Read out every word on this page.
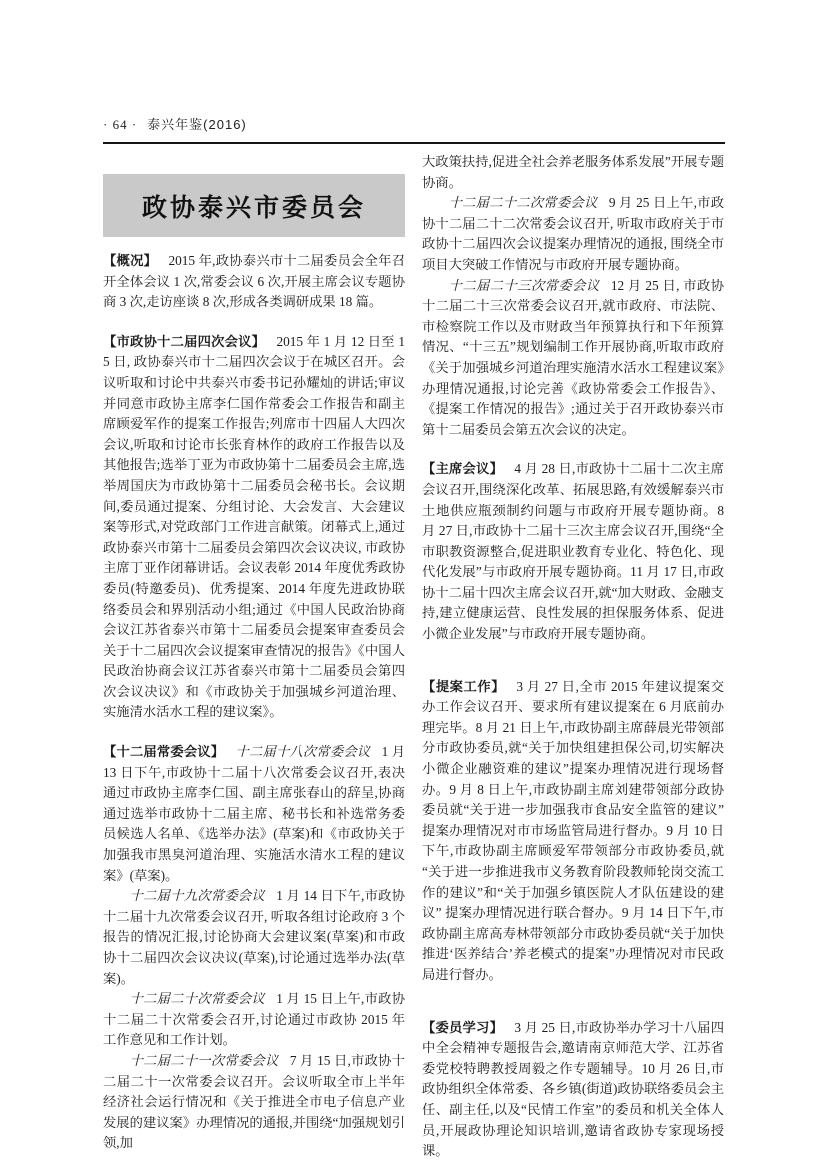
· 64 · 泰兴年鉴(2016)
政协泰兴市委员会

【概况】 2015 年,政协泰兴市十二届委员会全年召开全体会议 1 次,常委会议 6 次,开展主席会议专题协商 3 次,走访座谈 8 次,形成各类调研成果 18 篇。

【市政协十二届四次会议】 2015 年 1 月 12 日至 15 日, 政协泰兴市十二届四次会议于在城区召开。会议听取和讨论中共泰兴市委书记孙耀灿的讲话;审议并同意市政协主席李仁国作常委会工作报告和副主席顾爱军作的提案工作报告;列席市十四届人大四次会议,听取和讨论市长张育林作的政府工作报告以及其他报告;选举丁亚为市政协第十二届委员会主席,选举周国庆为市政协第十二届委员会秘书长。会议期间,委员通过提案、分组讨论、大会发言、大会建议案等形式,对党政部门工作进言献策。闭幕式上,通过政协泰兴市第十二届委员会第四次会议决议, 市政协主席丁亚作闭幕讲话。会议表彰 2014 年度优秀政协委员(特邀委员)、优秀提案、2014 年度先进政协联络委员会和界别活动小组;通过《中国人民政治协商会议江苏省泰兴市第十二届委员会提案审查委员会关于十二届四次会议提案审查情况的报告》《中国人民政治协商会议江苏省泰兴市第十二届委员会第四次会议决议》和《市政协关于加强城乡河道治理、实施清水活水工程的建议案》。

【十二届常委会议】 十二届十八次常委会议 1 月 13 日下午,市政协十二届十八次常委会议召开,表决通过市政协主席李仁国、副主席张春山的辞呈,协商通过选举市政协十二届主席、秘书长和补选常务委员候选人名单、《选举办法》(草案)和《市政协关于加强我市黑臭河道治理、实施活水清水工程的建议案》(草案)。

十二届十九次常委会议 1 月 14 日下午,市政协十二届十九次常委会议召开, 听取各组讨论政府 3 个报告的情况汇报,讨论协商大会建议案(草案)和市政协十二届四次会议决议(草案),讨论通过选举办法(草案)。

十二届二十次常委会议 1 月 15 日上午,市政协十二届二十次常委会召开,讨论通过市政协 2015 年工作意见和工作计划。

十二届二十一次常委会议 7 月 15 日,市政协十二届二十一次常委会议召开。会议听取全市上半年经济社会运行情况和《关于推进全市电子信息产业发展的建议案》办理情况的通报,并围绕“加强规划引领,加

大政策扶持,促进全社会养老服务体系发展”开展专题协商。

十二届二十二次常委会议 9 月 25 日上午,市政协十二届二十二次常委会议召开, 听取市政府关于市政协十二届四次会议提案办理情况的通报, 围绕全市项目大突破工作情况与市政府开展专题协商。

十二届二十三次常委会议 12 月 25 日, 市政协十二届二十三次常委会议召开,就市政府、市法院、市检察院工作以及市财政当年预算执行和下年预算情况、“十三五”规划编制工作开展协商,听取市政府《关于加强城乡河道治理实施清水活水工程建议案》办理情况通报,讨论完善《政协常委会工作报告》、《提案工作情况的报告》;通过关于召开政协泰兴市第十二届委员会第五次会议的决定。

【主席会议】 4 月 28 日,市政协十二届十二次主席会议召开,围绕深化改革、拓展思路,有效缓解泰兴市土地供应瓶颈制约问题与市政府开展专题协商。8 月 27 日,市政协十二届十三次主席会议召开,围绕“全市职教资源整合,促进职业教育专业化、特色化、现代化发展”与市政府开展专题协商。11 月 17 日,市政协十二届十四次主席会议召开,就“加大财政、金融支持,建立健康运营、良性发展的担保服务体系、促进小微企业发展”与市政府开展专题协商。

【提案工作】 3 月 27 日,全市 2015 年建议提案交办工作会议召开、要求所有建议提案在 6 月底前办理完毕。8 月 21 日上午,市政协副主席薛晨光带领部分市政协委员,就“关于加快组建担保公司,切实解决小微企业融资难的建议”提案办理情况进行现场督办。9 月 8 日上午,市政协副主席刘建带领部分政协委员就“关于进一步加强我市食品安全监管的建议” 提案办理情况对市市场监管局进行督办。9 月 10 日下午,市政协副主席顾爱军带领部分市政协委员,就“关于进一步推进我市义务教育阶段教师轮岗交流工作的建议”和“关于加强乡镇医院人才队伍建设的建议” 提案办理情况进行联合督办。9 月 14 日下午,市政协副主席高寿林带领部分市政协委员就“关于加快推进‘医养结合’养老模式的提案”办理情况对市民政局进行督办。

【委员学习】 3 月 25 日,市政协举办学习十八届四中全会精神专题报告会,邀请南京师范大学、江苏省委党校特聘教授周毅之作专题辅导。10 月 26 日,市政协组织全体常委、各乡镇(街道)政协联络委员会主任、副主任,以及“民情工作室”的委员和机关全体人员,开展政协理论知识培训,邀请省政协专家现场授课。
